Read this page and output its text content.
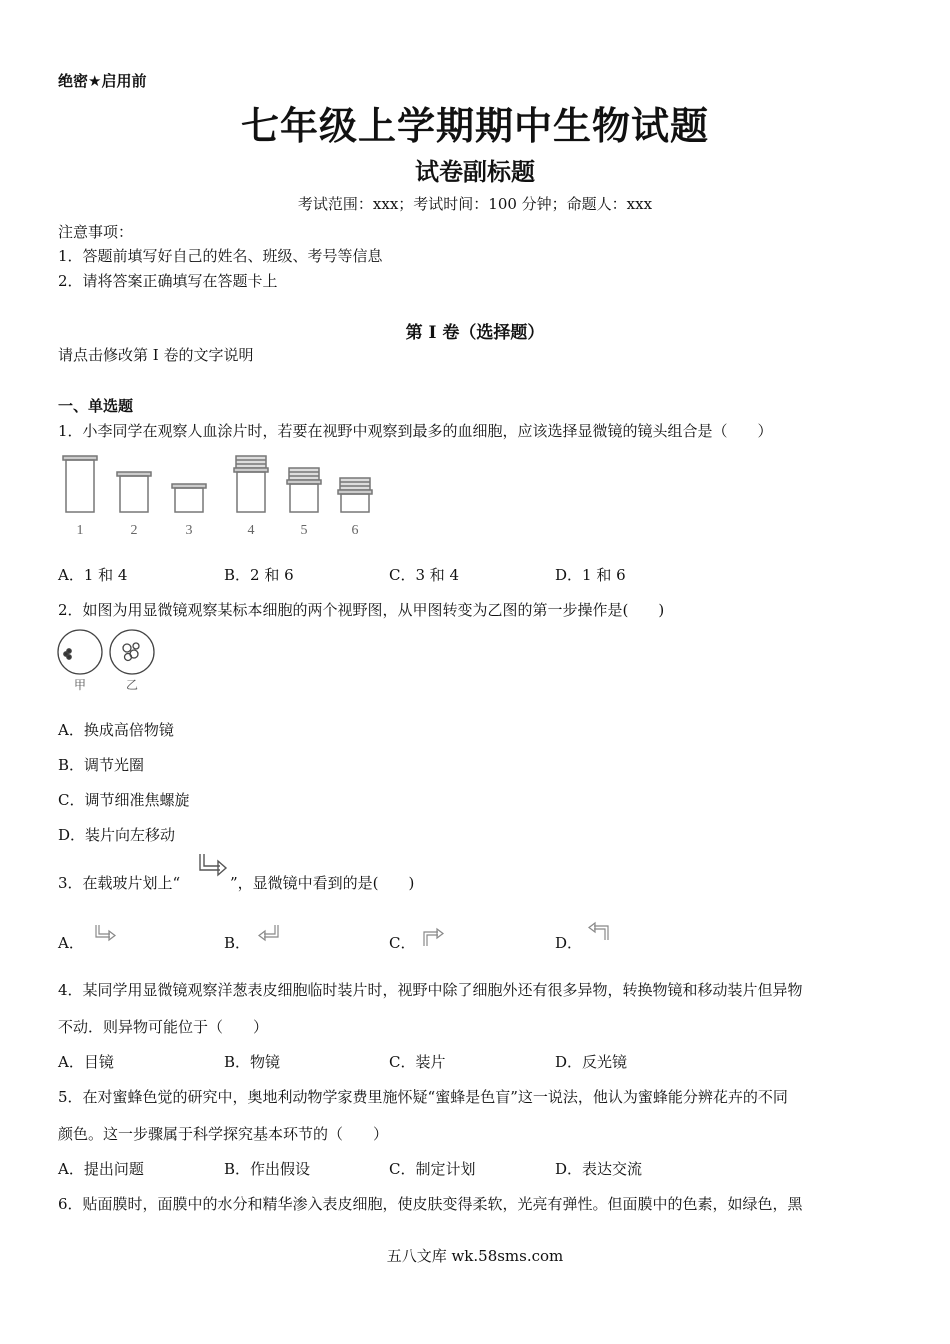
绝密★启用前
七年级上学期期中生物试题
试卷副标题
考试范围：xxx；考试时间：100 分钟；命题人：xxx
注意事项：
1．答题前填写好自己的姓名、班级、考号等信息
2．请将答案正确填写在答题卡上
第 I 卷（选择题）
请点击修改第 I 卷的文字说明
一、单选题
1．小李同学在观察人血涂片时，若要在视野中观察到最多的血细胞，应该选择显微镜的镜头组合是（　　）
1	2	3	4	5	6
A．1 和 4	B．2 和 6	C．3 和 4	D．1 和 6
2．如图为用显微镜观察某标本细胞的两个视野图，从甲图转变为乙图的第一步操作是(　　)
甲	乙
A．换成高倍物镜
B．调节光圈
C．调节细准焦螺旋
D．装片向左移动
3．在载玻片划上“	”，显微镜中看到的是(　　)
A．	B．	C．	D．
4．某同学用显微镜观察洋葱表皮细胞临时装片时，视野中除了细胞外还有很多异物，转换物镜和移动装片但异物
不动．则异物可能位于（　　）
A．目镜	B．物镜	C．装片	D．反光镜
5．在对蜜蜂色觉的研究中，奥地利动物学家费里施怀疑“蜜蜂是色盲”这一说法，他认为蜜蜂能分辨花卉的不同
颜色。这一步骤属于科学探究基本环节的（　　）
A．提出问题	B．作出假设	C．制定计划	D．表达交流
6．贴面膜时，面膜中的水分和精华渗入表皮细胞，使皮肤变得柔软，光亮有弹性。但面膜中的色素，如绿色，黑
五八文库 wk.58sms.com
